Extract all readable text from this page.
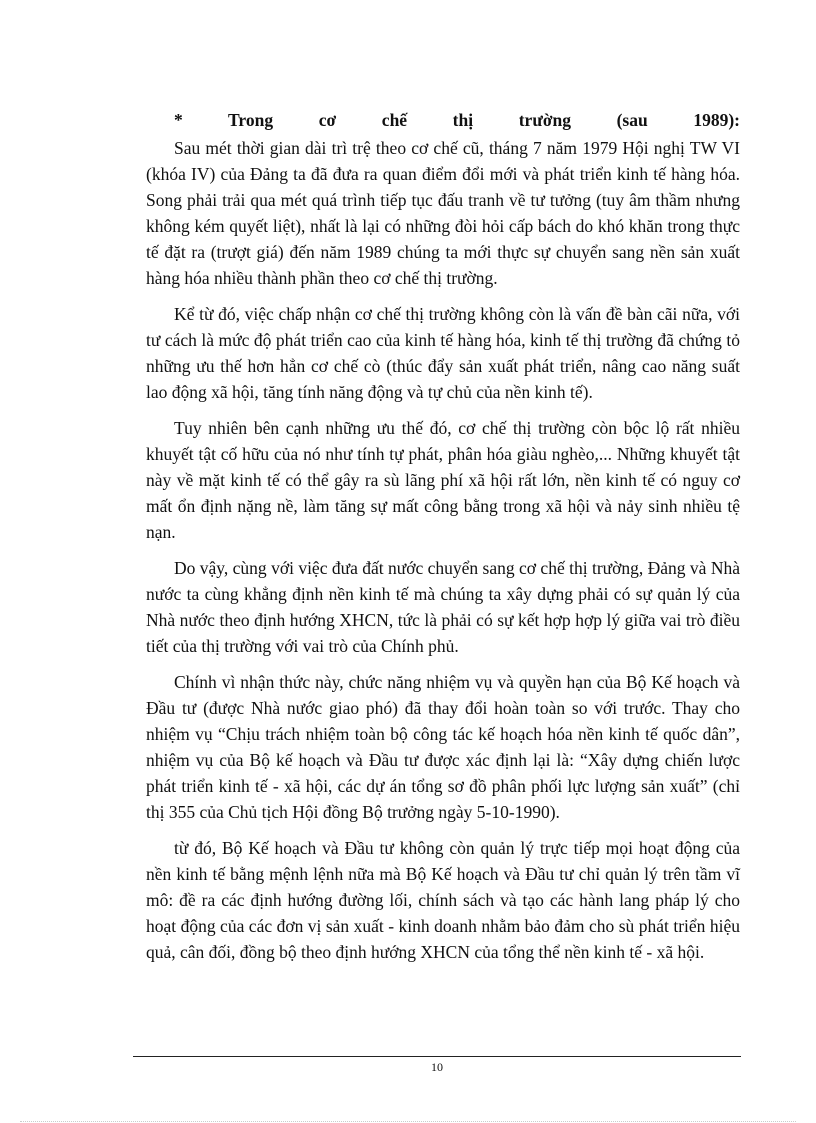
* Trong cơ chế thị trường (sau 1989):

Sau mét thời gian dài trì trệ theo cơ chế cũ, tháng 7 năm 1979 Hội nghị TW VI (khóa IV) của Đảng ta đã đưa ra quan điểm đổi mới và phát triển kinh tế hàng hóa. Song phải trải qua mét quá trình tiếp tục đấu tranh về tư tưởng (tuy âm thầm nhưng không kém quyết liệt), nhất là lại có những đòi hỏi cấp bách do khó khăn trong thực tế đặt ra (trượt giá) đến năm 1989 chúng ta mới thực sự chuyển sang nền sản xuất hàng hóa nhiều thành phần theo cơ chế thị trường.

Kể từ đó, việc chấp nhận cơ chế thị trường không còn là vấn đề bàn cãi nữa, với tư cách là mức độ phát triển cao của kinh tế hàng hóa, kinh tế thị trường đã chứng tỏ những ưu thế hơn hẳn cơ chế cò (thúc đẩy sản xuất phát triển, nâng cao năng suất lao động xã hội, tăng tính năng động và tự chủ của nền kinh tế).

Tuy nhiên bên cạnh những ưu thế đó, cơ chế thị trường còn bộc lộ rất nhiều khuyết tật cố hữu của nó như tính tự phát, phân hóa giàu nghèo,... Những khuyết tật này về mặt kinh tế có thể gây ra sù lãng phí xã hội rất lớn, nền kinh tế có nguy cơ mất ổn định nặng nề, làm tăng sự mất công bằng trong xã hội và nảy sinh nhiều tệ nạn.

Do vậy, cùng với việc đưa đất nước chuyển sang cơ chế thị trường, Đảng và Nhà nước ta cùng khẳng định nền kinh tế mà chúng ta xây dựng phải có sự quản lý của Nhà nước theo định hướng XHCN, tức là phải có sự kết hợp hợp lý giữa vai trò điều tiết của thị trường với vai trò của Chính phủ.

Chính vì nhận thức này, chức năng nhiệm vụ và quyền hạn của Bộ Kế hoạch và Đầu tư (được Nhà nước giao phó) đã thay đổi hoàn toàn so với trước. Thay cho nhiệm vụ “Chịu trách nhiệm toàn bộ công tác kế hoạch hóa nền kinh tế quốc dân”, nhiệm vụ của Bộ kế hoạch và Đầu tư được xác định lại là: “Xây dựng chiến lược phát triển kinh tế - xã hội, các dự án tổng sơ đồ phân phối lực lượng sản xuất” (chỉ thị 355 của Chủ tịch Hội đồng Bộ trưởng ngày 5-10-1990).

từ đó, Bộ Kế hoạch và Đầu tư không còn quản lý trực tiếp mọi hoạt động của nền kinh tế bằng mệnh lệnh nữa mà Bộ Kế hoạch và Đầu tư chỉ quản lý trên tầm vĩ mô: đề ra các định hướng đường lối, chính sách và tạo các hành lang pháp lý cho hoạt động của các đơn vị sản xuất - kinh doanh nhằm bảo đảm cho sù phát triển hiệu quả, cân đối, đồng bộ theo định hướng XHCN của tổng thể nền kinh tế - xã hội.

10
